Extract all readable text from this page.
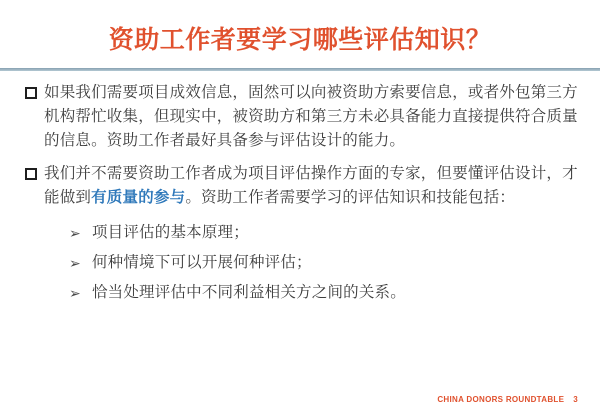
资助工作者要学习哪些评估知识？
如果我们需要项目成效信息，固然可以向被资助方索要信息，或者外包第三方
机构帮忙收集，但现实中，被资助方和第三方未必具备能力直接提供符合质量
的信息。资助工作者最好具备参与评估设计的能力。
我们并不需要资助工作者成为项目评估操作方面的专家，但要懂评估设计，才
能做到有质量的参与。资助工作者需要学习的评估知识和技能包括：
➢ 项目评估的基本原理；
➢ 何种情境下可以开展何种评估；
➢ 恰当处理评估中不同利益相关方之间的关系。
CHINA DONORS ROUNDTABLE 3
